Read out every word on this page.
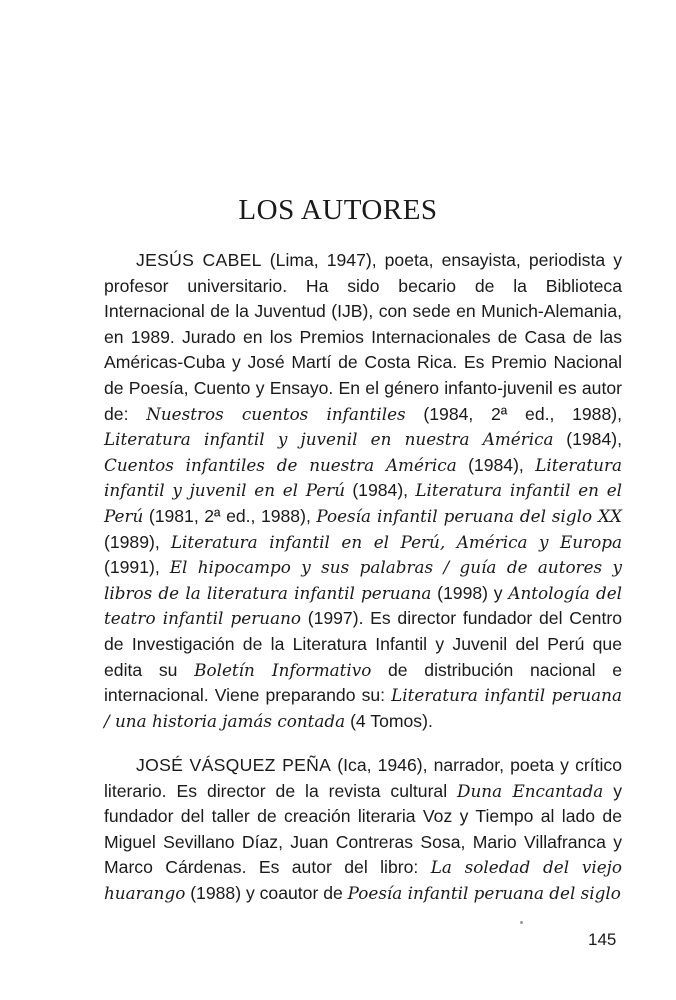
LOS AUTORES

JESÚS CABEL (Lima, 1947), poeta, ensayista, periodista y profesor universitario. Ha sido becario de la Biblioteca Internacional de la Juventud (IJB), con sede en Munich-Alemania, en 1989. Jurado en los Premios Internacionales de Casa de las Américas-Cuba y José Martí de Costa Rica. Es Premio Nacional de Poesía, Cuento y Ensayo. En el género infanto-juvenil es autor de: Nuestros cuentos infantiles (1984, 2ª ed., 1988), Literatura infantil y juvenil en nuestra América (1984), Cuentos infantiles de nuestra América (1984), Literatura infantil y juvenil en el Perú (1984), Literatura infantil en el Perú (1981, 2ª ed., 1988), Poesía infantil peruana del siglo XX (1989), Literatura infantil en el Perú, América y Europa (1991), El hipocampo y sus palabras / guía de autores y libros de la literatura infantil peruana (1998) y Antología del teatro infantil peruano (1997). Es director fundador del Centro de Investigación de la Literatura Infantil y Juvenil del Perú que edita su Boletín Informativo de distribución nacional e internacional. Viene preparando su: Literatura infantil peruana / una historia jamás contada (4 Tomos).

JOSÉ VÁSQUEZ PEÑA (Ica, 1946), narrador, poeta y crítico literario. Es director de la revista cultural Duna Encantada y fundador del taller de creación literaria Voz y Tiempo al lado de Miguel Sevillano Díaz, Juan Contreras Sosa, Mario Villafranca y Marco Cárdenas. Es autor del libro: La soledad del viejo huarango (1988) y coautor de Poesía infantil peruana del siglo

145
